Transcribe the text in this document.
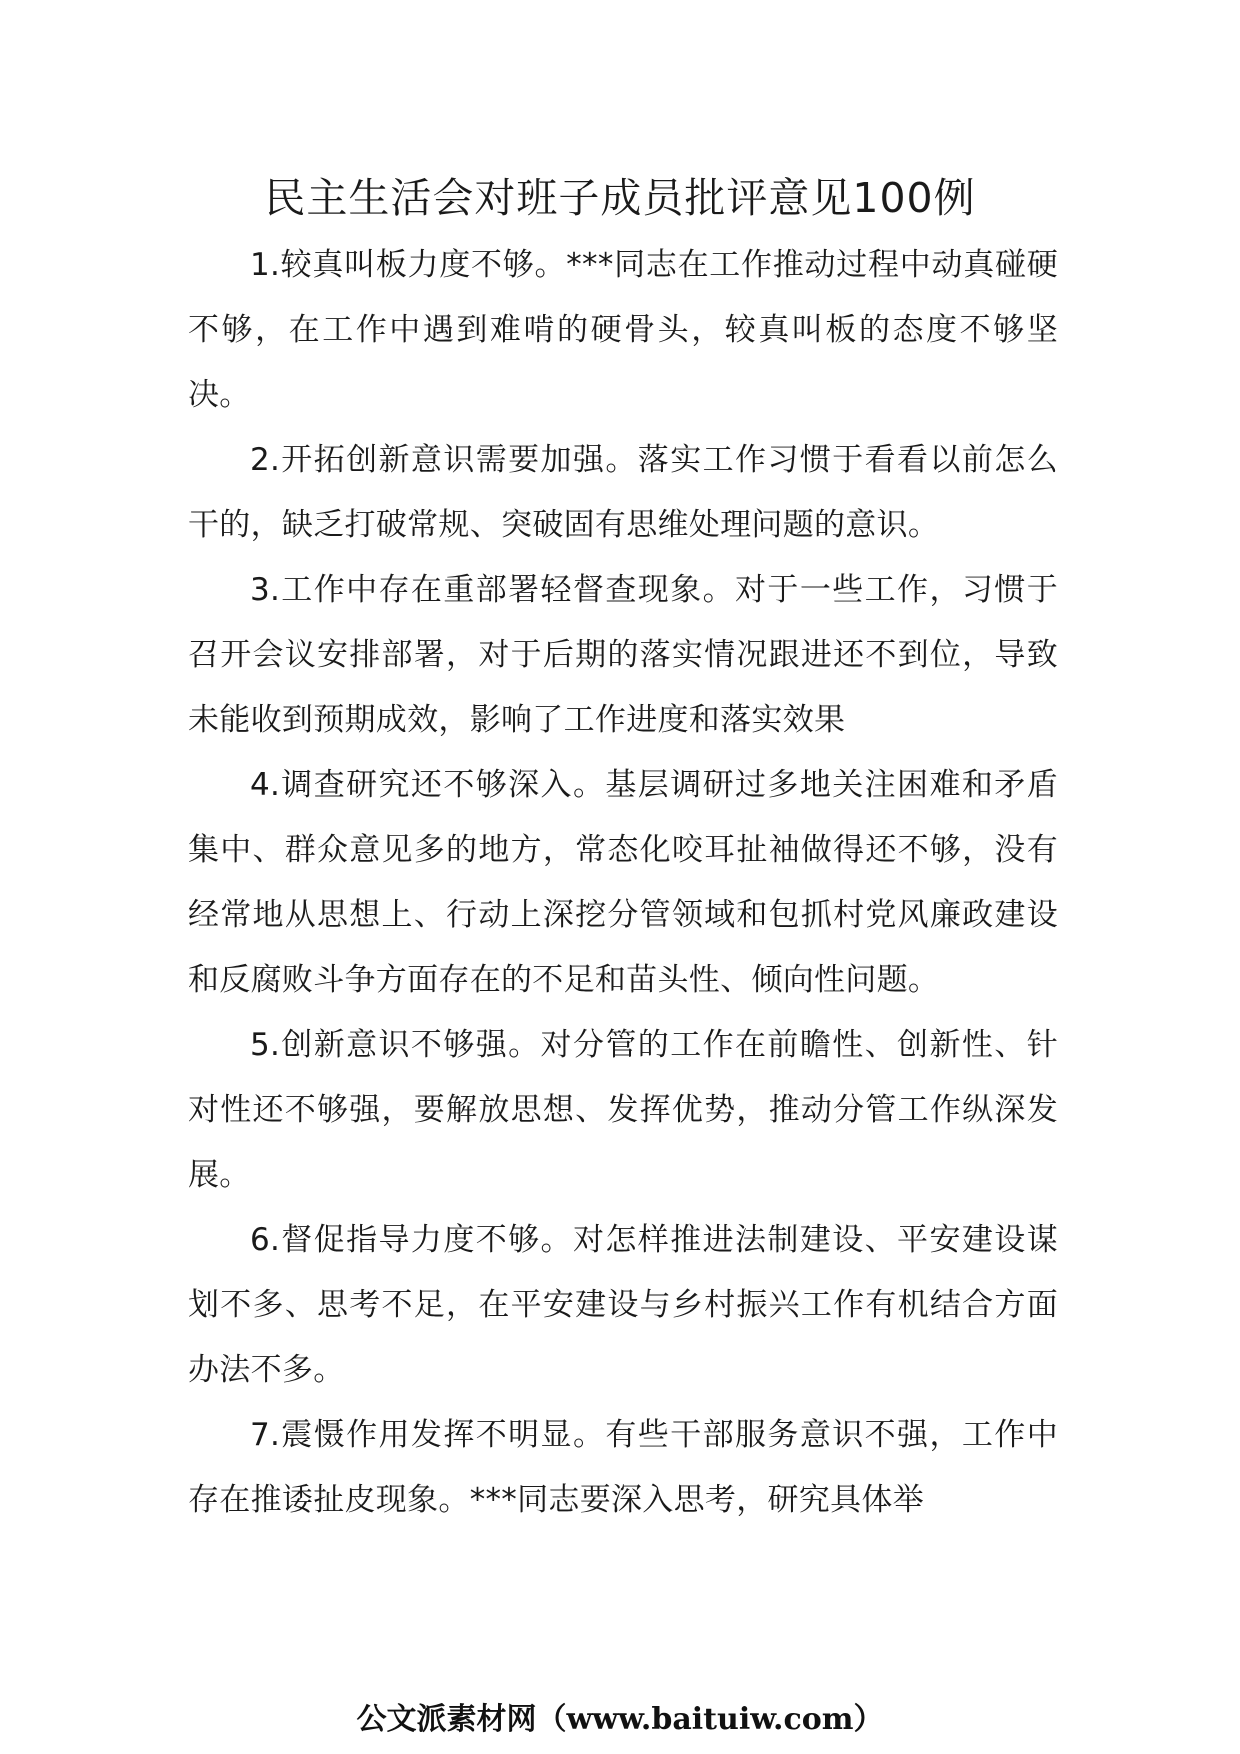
民主生活会对班子成员批评意见100例

1.较真叫板力度不够。***同志在工作推动过程中动真碰硬不够，在工作中遇到难啃的硬骨头，较真叫板的态度不够坚决。

2.开拓创新意识需要加强。落实工作习惯于看看以前怎么干的，缺乏打破常规、突破固有思维处理问题的意识。

3.工作中存在重部署轻督查现象。对于一些工作，习惯于召开会议安排部署，对于后期的落实情况跟进还不到位，导致未能收到预期成效，影响了工作进度和落实效果

4.调查研究还不够深入。基层调研过多地关注困难和矛盾集中、群众意见多的地方，常态化咬耳扯袖做得还不够，没有经常地从思想上、行动上深挖分管领域和包抓村党风廉政建设和反腐败斗争方面存在的不足和苗头性、倾向性问题。

5.创新意识不够强。对分管的工作在前瞻性、创新性、针对性还不够强，要解放思想、发挥优势，推动分管工作纵深发展。

6.督促指导力度不够。对怎样推进法制建设、平安建设谋划不多、思考不足，在平安建设与乡村振兴工作有机结合方面办法不多。

7.震慑作用发挥不明显。有些干部服务意识不强，工作中存在推诿扯皮现象。***同志要深入思考，研究具体举

公文派素材网（www.baituiw.com）
